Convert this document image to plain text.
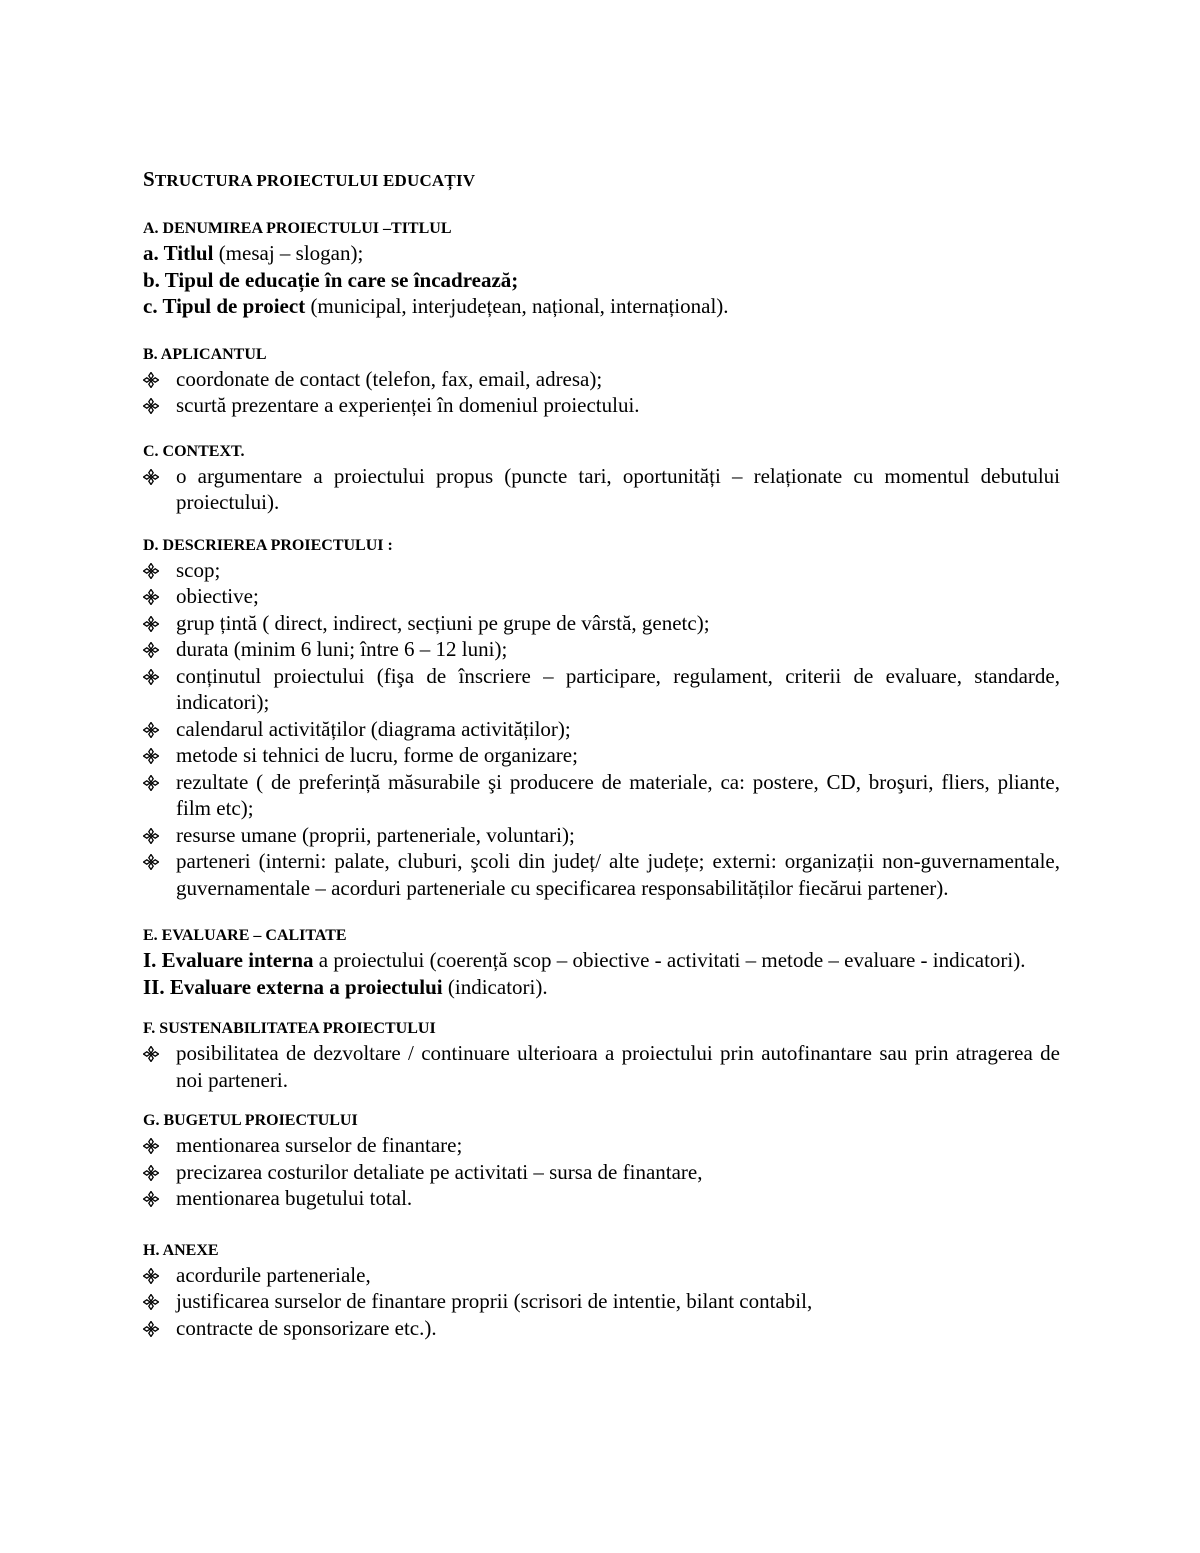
STRUCTURA PROIECTULUI EDUCAȚIV
A. DENUMIREA PROIECTULUI –TITLUL
a. Titlul (mesaj – slogan);
b. Tipul de educație în care se încadrează;
c. Tipul de proiect (municipal, interjudețean, național, internațional).
B. APLICANTUL
coordonate de contact (telefon, fax, email, adresa);
scurtă prezentare a experienței în domeniul proiectului.
C. CONTEXT.
o argumentare a proiectului propus (puncte tari, oportunități – relaționate cu momentul debutului proiectului).
D. DESCRIEREA PROIECTULUI :
scop;
obiective;
grup țintă ( direct, indirect, secțiuni pe grupe de vârstă, genetc);
durata (minim 6 luni; între 6 – 12 luni);
conținutul proiectului (fişa de înscriere – participare, regulament, criterii de evaluare, standarde, indicatori);
calendarul activităților (diagrama activităților);
metode si tehnici de lucru, forme de organizare;
rezultate ( de preferință măsurabile şi producere de materiale, ca: postere, CD, broşuri, fliers, pliante, film etc);
resurse umane (proprii, parteneriale, voluntari);
parteneri (interni: palate, cluburi, şcoli din județ/ alte județe; externi: organizații non-guvernamentale, guvernamentale – acorduri parteneriale cu specificarea responsabilităților fiecărui partener).
E. EVALUARE – CALITATE
I. Evaluare interna a proiectului (coerență scop – obiective - activitati – metode – evaluare - indicatori).
II. Evaluare externa a proiectului (indicatori).
F. SUSTENABILITATEA PROIECTULUI
posibilitatea de dezvoltare / continuare ulterioara a proiectului prin autofinantare sau prin atragerea de noi parteneri.
G. BUGETUL PROIECTULUI
mentionarea surselor de finantare;
precizarea costurilor detaliate pe activitati – sursa de finantare,
mentionarea bugetului total.
H. ANEXE
acordurile parteneriale,
justificarea surselor de finantare proprii (scrisori de intentie, bilant contabil,
contracte de sponsorizare etc.).
